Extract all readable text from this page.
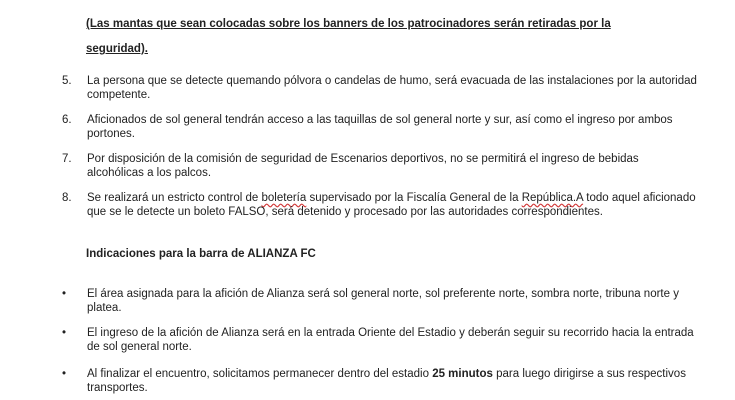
(Las mantas que sean colocadas sobre los banners de los patrocinadores serán retiradas por la
seguridad).
5.	La persona que se detecte quemando pólvora o candelas de humo, será evacuada de las instalaciones por la autoridad competente.
6.	Aficionados de sol general tendrán acceso a las taquillas de sol general norte y sur, así como el ingreso por ambos portones.
7.	Por disposición de la comisión de seguridad de Escenarios deportivos, no se permitirá el ingreso de bebidas alcohólicas a los palcos.
8.	Se realizará un estricto control de boletería supervisado por la Fiscalía General de la República.A todo aquel aficionado que se le detecte un boleto FALSO, será detenido y procesado por las autoridades correspondientes.
Indicaciones para la barra de ALIANZA FC
•	El área asignada para la afición de Alianza será sol general norte, sol preferente norte, sombra norte, tribuna norte y platea.
•	El ingreso de la afición de Alianza será en la entrada Oriente del Estadio y deberán seguir su recorrido hacia la entrada de sol general norte.
•	Al finalizar el encuentro, solicitamos permanecer dentro del estadio 25 minutos para luego dirigirse a sus respectivos transportes.
